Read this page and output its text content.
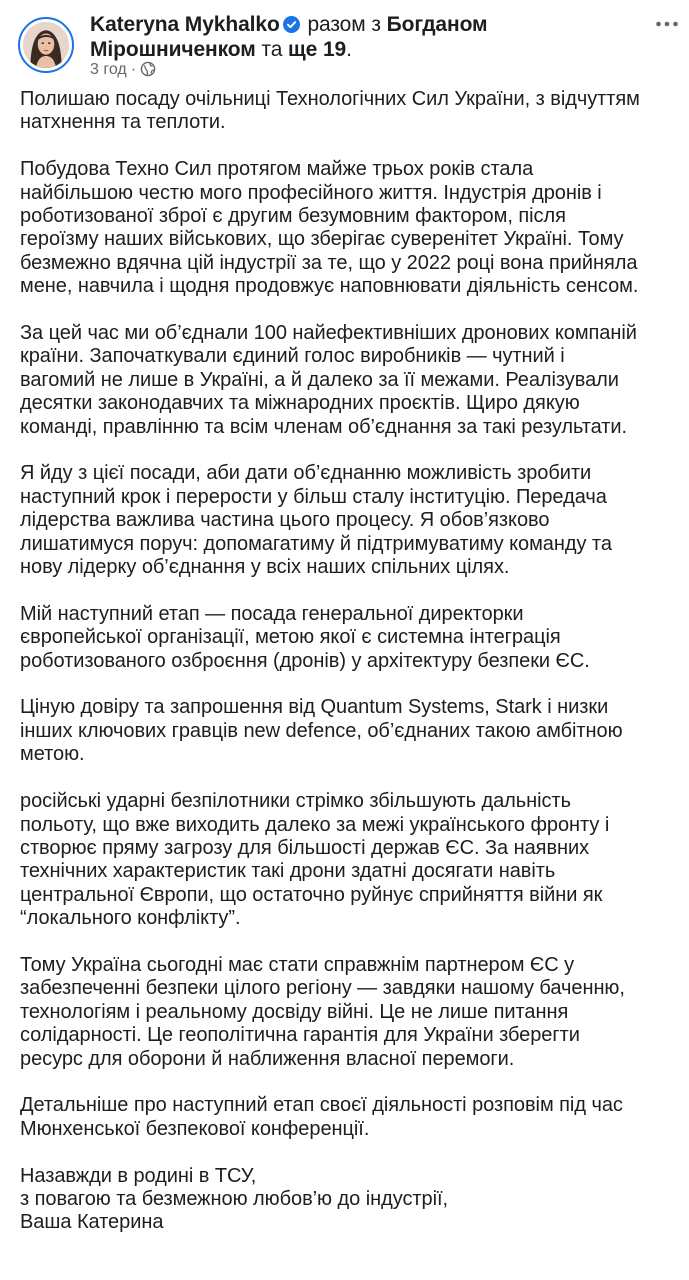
Kateryna Mykhalko разом з Богданом Мірошниченком та ще 19.
3 год ·

Полишаю посаду очільниці Технологічних Сил України, з відчуттям
натхнення та теплоти.

Побудова Техно Сил протягом майже трьох років стала
найбільшою честю мого професійного життя. Індустрія дронів і
роботизованої зброї є другим безумовним фактором, після
героїзму наших військових, що зберігає суверенітет Україні. Тому
безмежно вдячна цій індустрії за те, що у 2022 році вона прийняла
мене, навчила і щодня продовжує наповнювати діяльність сенсом.

За цей час ми об’єднали 100 найефективніших дронових компаній
країни. Започаткували єдиний голос виробників — чутний і
вагомий не лише в Україні, а й далеко за її межами. Реалізували
десятки законодавчих та міжнародних проєктів. Щиро дякую
команді, правлінню та всім членам об’єднання за такі результати.

Я йду з цієї посади, аби дати об’єднанню можливість зробити
наступний крок і перерости у більш сталу інституцію. Передача
лідерства важлива частина цього процесу. Я обов’язково
лишатимуся поруч: допомагатиму й підтримуватиму команду та
нову лідерку об’єднання у всіх наших спільних цілях.

Мій наступний етап — посада генеральної директорки
європейської організації, метою якої є системна інтеграція
роботизованого озброєння (дронів) у архітектуру безпеки ЄС.

Ціную довіру та запрошення від Quantum Systems, Stark і низки
інших ключових гравців new defence, об’єднаних такою амбітною
метою.

російські ударні безпілотники стрімко збільшують дальність
польоту, що вже виходить далеко за межі українського фронту і
створює пряму загрозу для більшості держав ЄС. За наявних
технічних характеристик такі дрони здатні досягати навіть
центральної Європи, що остаточно руйнує сприйняття війни як
“локального конфлікту”.

Тому Україна сьогодні має стати справжнім партнером ЄС у
забезпеченні безпеки цілого регіону — завдяки нашому баченню,
технологіям і реальному досвіду війні. Це не лише питання
солідарності. Це геополітична гарантія для України зберегти
ресурс для оборони й наближення власної перемоги.

Детальніше про наступний етап своєї діяльності розповім під час
Мюнхенської безпекової конференції.

Назавжди в родині в ТСУ,
з повагою та безмежною любов’ю до індустрії,
Ваша Катерина
